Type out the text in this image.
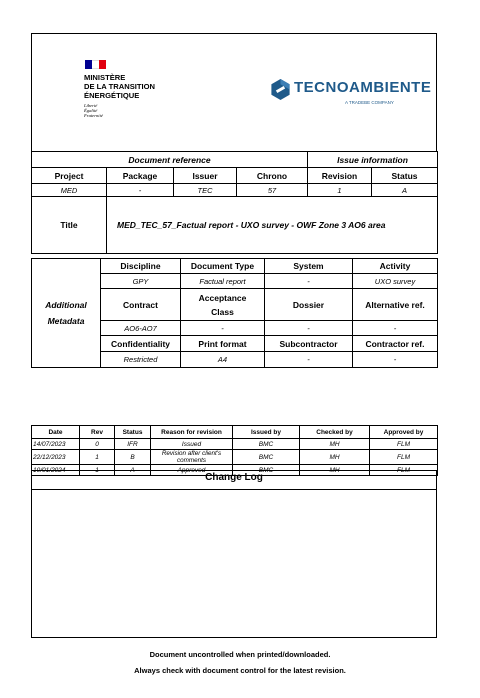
MINISTÈRE
DE LA TRANSITION
ÉNERGÉTIQUE
Liberté
Égalité
Fraternité
TECNOAMBIENTE
A TRADEBE COMPANY
Document reference				Issue information	
Project	Package	Issuer	Chrono	Revision	Status
MED	-	TEC	57	1	A
Title	MED_TEC_57_Factual report - UXO survey - OWF Zone 3 AO6 area				
Additional Metadata	Discipline	Document Type	System	Activity
	GPY	Factual report	-	UXO survey
	Contract	Acceptance Class	Dossier	Alternative ref.
	AO6-AO7	-	-	-
	Confidentiality	Print format	Subcontractor	Contractor ref.
	Restricted	A4	-	-
Date	Rev	Status	Reason for revision	Issued by	Checked by	Approved by
14/07/2023	0	IFR	Issued	BMC	MH	FLM
22/12/2023	1	B	Revision after client's comments	BMC	MH	FLM
10/01/2024	1	A	Approved	BMC	MH	FLM
Change Log
Document uncontrolled when printed/downloaded.
Always check with document control for the latest revision.
